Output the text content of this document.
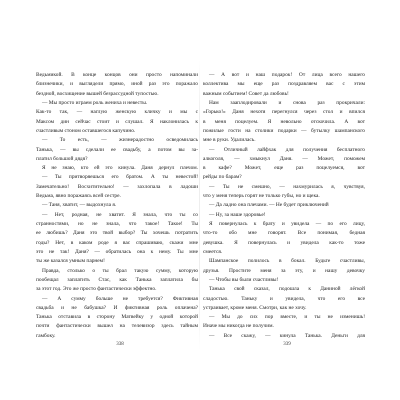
Ведьмикой. В конце концов они просто напоминали
близнечики, и выглядели прямо, иной раз это поражало
бездной, восхищение вышей безрассудной тупостью.
— Мы просто играем роль жениха и невесты.
Как-то так, — наглую женскую кличку и мы с
Максом дин сейчас стоит и слушал. Я наклонилась к
счастливым стоном оставшегося капучино.
— То есть, — жизнерадостно осведомилась
Танька, — вы сделали ее свадьбу, а потом вы за-
платил большой дядя?
Я не знаю, кто ей это кинула. Даня дернул плечом.
— Ты притворяешься его братом. А ты невестой!
Замечательно! Восхитительно! — захлопала в ладоши
Ведьма, явно поражаясь всей сестре.
— Таня, хватит, — выдохнула я.
— Нет, родная, не хватит. Я знала, что ты со
странностями, но не знала, что такое! Такое! Ты
ее любишь? Даня это твой выбор? Ты хочешь потратить
годы? Нет, в каком роде я вас спрашиваю, скажи мне
это не так! Даня? — обратилась она к нему. Ты мне
ты же казался умным парнем!
Правда, столько о ты брал такую сумму, которую
пообещал заплатить Стас, как Танька заплатила бы
за этот год. Это же просто фантастически эффектно.
— А сумму больше не требуется? Фиктивная
свадьба и не бабушка? И фиктивная роль оплачена?
Танька отставила в сторону Матвейку у одной которой
почти фантастически вышел на телевизор здесь тайным
гамбоку.
— А вот и наш подарок! От лица всего нашего
коллектива мы еще раз поздравляем вас с этим
важным событием! Совет да любовь!
Нам зааплодировали и снова раз прокричали:
«Горько!» Даня нехотя перегнулся через стол и впился
в меня поцелуем. Я невольно отскочила. А вот
пожилые гости на столики подарки — бутылку шампанского
мне в руки. Удалилась.
— Отличный лайфхак для получения бесплатного
алкоголя, — хмыкнул Даня. — Может, поможем
в кафе? Может, еще раз поцелуемся, вот
рейды по барам?
— Ты не смешно, — нахмурилась я, чувствуя,
что у меня теперь горят не только губы, но и щека.
— Да ладно она плечами. — Не будет приключений
— Ну, за наше здоровье!
Я повернулась к брату и увидела — по его лицу,
что-то обо мне говорят. Все понимая, бедная
девушка. Я повернулась и увидела как-то тоже
смеется.
Шампанское полилось в бокал. Будьте счастливы,
друзья. Простите меня за эту, и нашу девочку
— Чтобы вы были счастливы!
Танька свой сказал, подошла к Даниной лёгкой
сладостью. Таньку и увидела, что его все
устраивает, кроме меня. Смотри, как не хочу.
— Мы до сих пор вместе, и ты не изменишь!
Иначе мы никогда не получим.
— Все скажу, — кинула Танька. Деньги для
338	339
